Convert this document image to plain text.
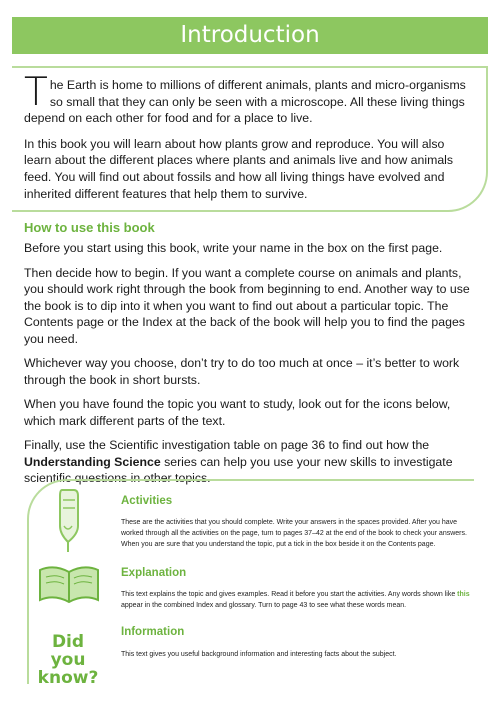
Introduction

The Earth is home to millions of different animals, plants and micro-organisms so small that they can only be seen with a microscope. All these living things depend on each other for food and for a place to live.

In this book you will learn about how plants grow and reproduce. You will also learn about the different places where plants and animals live and how animals feed. You will find out about fossils and how all living things have evolved and inherited different features that help them to survive.

How to use this book

Before you start using this book, write your name in the box on the first page.

Then decide how to begin. If you want a complete course on animals and plants, you should work right through the book from beginning to end. Another way to use the book is to dip into it when you want to find out about a particular topic. The Contents page or the Index at the back of the book will help you to find the pages you need.

Whichever way you choose, don’t try to do too much at once – it’s better to work through the book in short bursts.

When you have found the topic you want to study, look out for the icons below, which mark different parts of the text.

Finally, use the Scientific investigation table on page 36 to find out how the Understanding Science series can help you use your new skills to investigate scientific questions in other topics.

Did you know?
Activities
These are the activities that you should complete. Write your answers in the spaces provided. After you have worked through all the activities on the page, turn to pages 37–42 at the end of the book to check your answers. When you are sure that you understand the topic, put a tick in the box beside it on the Contents page.
Explanation
This text explains the topic and gives examples. Read it before you start the activities. Any words shown like this appear in the combined Index and glossary. Turn to page 43 to see what these words mean.
Information
This text gives you useful background information and interesting facts about the subject.
